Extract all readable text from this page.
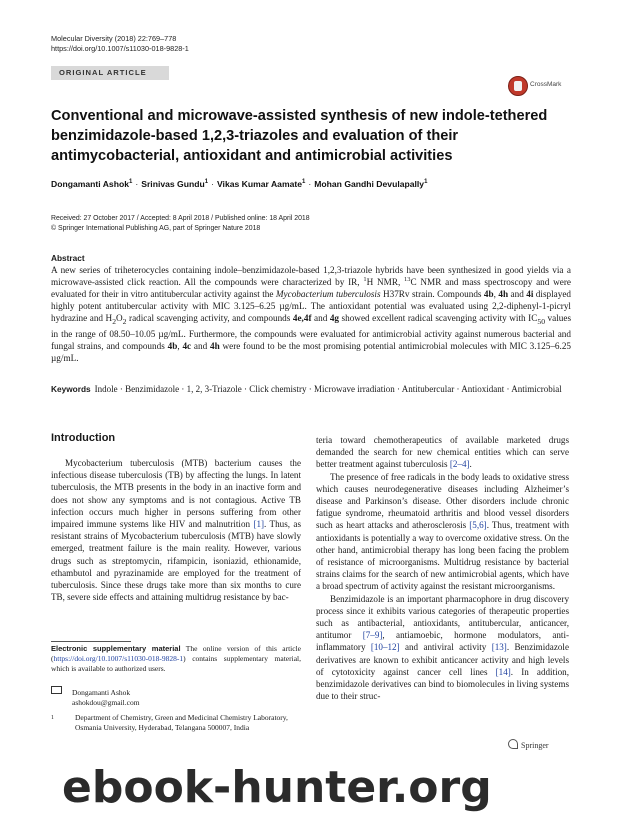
Molecular Diversity (2018) 22:769–778
https://doi.org/10.1007/s11030-018-9828-1
ORIGINAL ARTICLE
CrossMark
Conventional and microwave-assisted synthesis of new indole-tethered benzimidazole-based 1,2,3-triazoles and evaluation of their antimycobacterial, antioxidant and antimicrobial activities
Dongamanti Ashok$^1$ · Srinivas Gundu$^1$ · Vikas Kumar Aamate$^1$ · Mohan Gandhi Devulapally$^1$
Received: 27 October 2017 / Accepted: 8 April 2018 / Published online: 18 April 2018
© Springer International Publishing AG, part of Springer Nature 2018
Abstract
A new series of triheterocycles containing indole–benzimidazole-based 1,2,3-triazole hybrids have been synthesized in good yields via a microwave-assisted click reaction. All the compounds were characterized by IR, $^1$H NMR, $^{13}$C NMR and mass spectroscopy and were evaluated for their in vitro antitubercular activity against the Mycobacterium tuberculosis H37Rv strain. Compounds 4b, 4h and 4i displayed highly potent antitubercular activity with MIC 3.125–6.25 µg/mL. The antioxidant potential was evaluated using 2,2-diphenyl-1-picryl hydrazine and $H_2O_2$ radical scavenging activity, and compounds 4e,4f and 4g showed excellent radical scavenging activity with $IC_{50}$ values in the range of 08.50–10.05 µg/mL. Furthermore, the compounds were evaluated for antimicrobial activity against numerous bacterial and fungal strains, and compounds 4b, 4c and 4h were found to be the most promising potential antimicrobial molecules with MIC 3.125–6.25 µg/mL.
Keywords Indole · Benzimidazole · 1, 2, 3-Triazole · Click chemistry · Microwave irradiation · Antitubercular · Antioxidant · Antimicrobial
Introduction

Mycobacterium tuberculosis (MTB) bacterium causes the infectious disease tuberculosis (TB) by affecting the lungs. In latent tuberculosis, the MTB presents in the body in an inactive form and does not show any symptoms and is not contagious. Active TB infection occurs much higher in persons suffering from other impaired immune systems like HIV and malnutrition [1]. Thus, as resistant strains of Mycobacterium tuberculosis (MTB) have slowly emerged, treatment failure is the main reality. However, various drugs such as streptomycin, rifampicin, isoniazid, ethionamide, ethambutol and pyrazinamide are employed for the treatment of tuberculosis. Since these drugs take more than six months to cure TB, severe side effects and attaining multidrug resistance by bac-

teria toward chemotherapeutics of available marketed drugs demanded the search for new chemical entities which can serve better treatment against tuberculosis [2–4].

The presence of free radicals in the body leads to oxidative stress which causes neurodegenerative diseases including Alzheimer’s disease and Parkinson’s disease. Other disorders include chronic fatigue syndrome, rheumatoid arthritis and blood vessel disorders such as heart attacks and atherosclerosis [5,6]. Thus, treatment with antioxidants is potentially a way to overcome oxidative stress. On the other hand, antimicrobial therapy has long been facing the problem of resistance of microorganisms. Multidrug resistance by bacterial strains claims for the search of new antimicrobial agents, which have a broad spectrum of activity against the resistant microorganisms.

Benzimidazole is an important pharmacophore in drug discovery process since it exhibits various categories of therapeutic properties such as antibacterial, antioxidants, antitubercular, anticancer, antitumor [7–9], antiamoebic, hormone modulators, anti-inflammatory [10–12] and antiviral activity [13]. Benzimidazole derivatives are known to exhibit anticancer activity and high levels of cytotoxicity against cancer cell lines [14]. In addition, benzimidazole derivatives can bind to biomolecules in living systems due to their struc-

Electronic supplementary material The online version of this article (https://doi.org/10.1007/s11030-018-9828-1) contains supplementary material, which is available to authorized users.
Dongamanti Ashok
ashokdou@gmail.com
1	Department of Chemistry, Green and Medicinal Chemistry Laboratory, Osmania University, Hyderabad, Telangana 500007, India
Springer
ebook-hunter.org
